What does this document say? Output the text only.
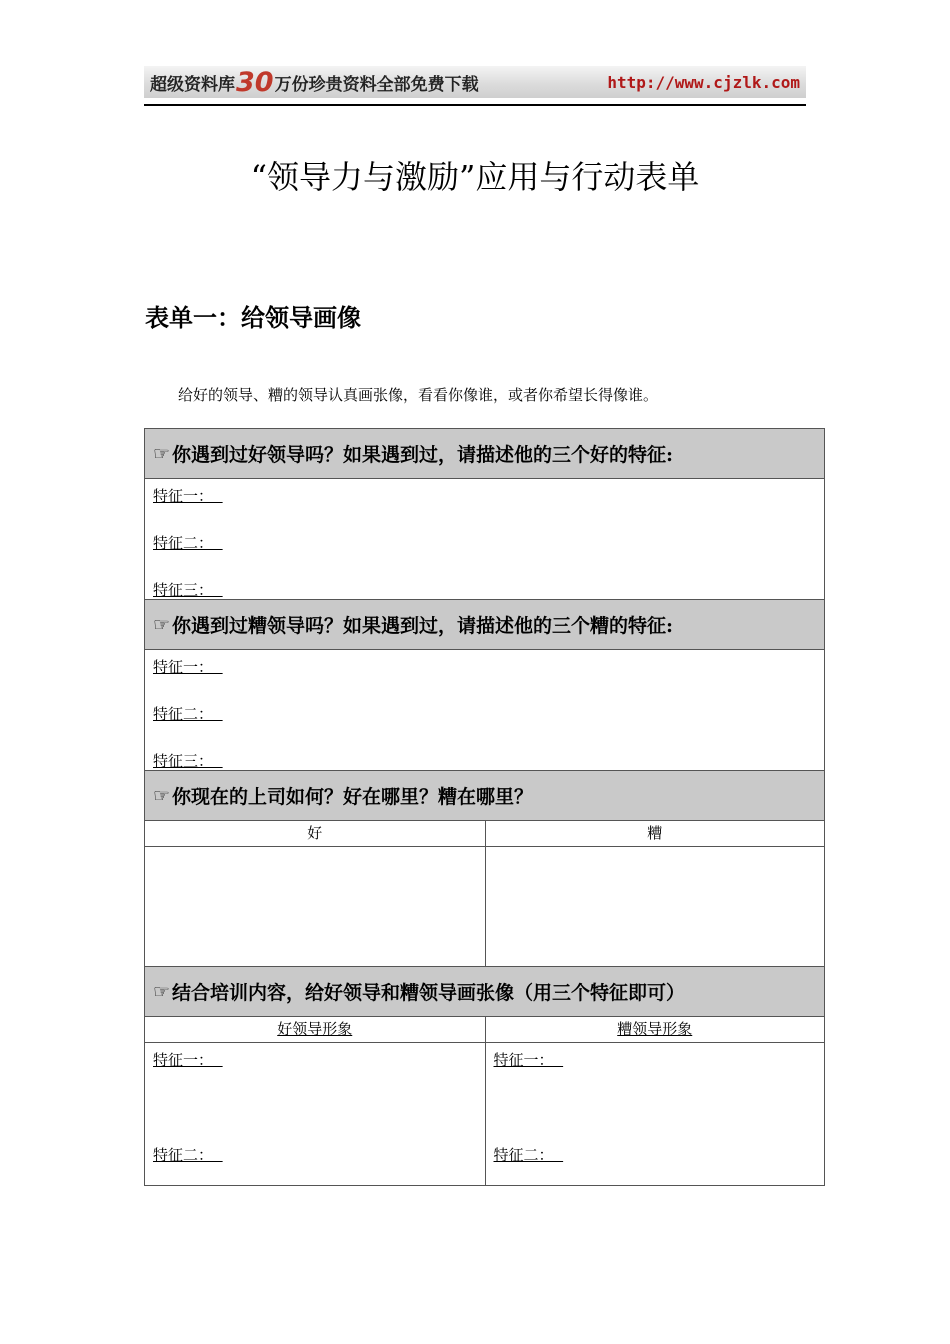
超级资料库 30 万份珍贵资料全部免费下载	http://www.cjzlk.com
“领导力与激励”应用与行动表单
表单一：给领导画像
给好的领导、糟的领导认真画张像，看看你像谁，或者你希望长得像谁。
☞ 你遇到过好领导吗？如果遇到过，请描述他的三个好的特征:
特征一：
特征二：
特征三：
☞ 你遇到过糟领导吗？如果遇到过，请描述他的三个糟的特征:
特征一：
特征二：
特征三：
☞ 你现在的上司如何？好在哪里？糟在哪里？
好	糟
☞ 结合培训内容，给好领导和糟领导画张像（用三个特征即可）
好领导形象
特征一：
特征二：
糟领导形象
特征一：
特征二：
